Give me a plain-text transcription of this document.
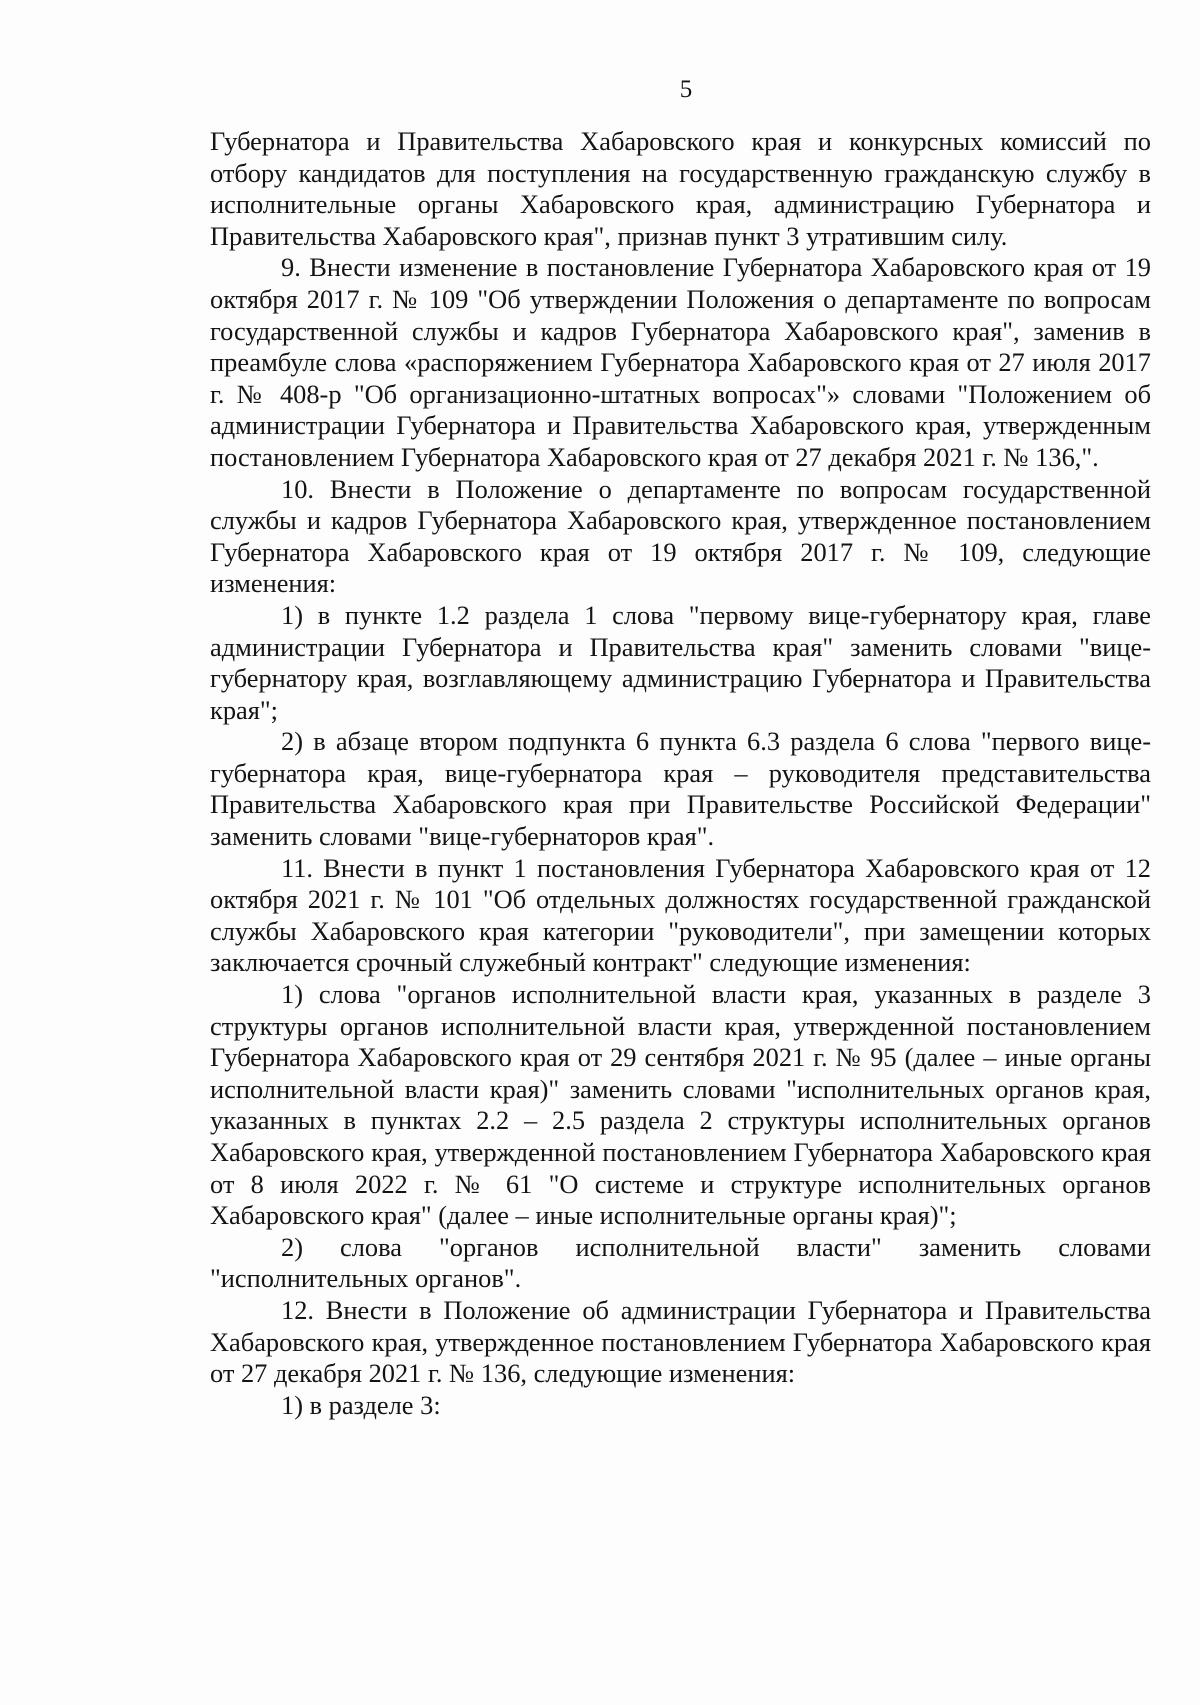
5

Губернатора и Правительства Хабаровского края и конкурсных комиссий по отбору кандидатов для поступления на государственную гражданскую службу в исполнительные органы Хабаровского края, администрацию Губернатора и Правительства Хабаровского края", признав пункт 3 утратившим силу.

9. Внести изменение в постановление Губернатора Хабаровского края от 19 октября 2017 г. № 109 "Об утверждении Положения о департаменте по вопросам государственной службы и кадров Губернатора Хабаровского края", заменив в преамбуле слова «распоряжением Губернатора Хабаровского края от 27 июля 2017 г. № 408-р "Об организационно-штатных вопросах"» словами "Положением об администрации Губернатора и Правительства Хабаровского края, утвержденным постановлением Губернатора Хабаровского края от 27 декабря 2021 г. № 136,".

10. Внести в Положение о департаменте по вопросам государственной службы и кадров Губернатора Хабаровского края, утвержденное постановлением Губернатора Хабаровского края от 19 октября 2017 г. № 109, следующие изменения:

1) в пункте 1.2 раздела 1 слова "первому вице-губернатору края, главе администрации Губернатора и Правительства края" заменить словами "вице-губернатору края, возглавляющему администрацию Губернатора и Правительства края";

2) в абзаце втором подпункта 6 пункта 6.3 раздела 6 слова "первого вице-губернатора края, вице-губернатора края – руководителя представительства Правительства Хабаровского края при Правительстве Российской Федерации" заменить словами "вице-губернаторов края".

11. Внести в пункт 1 постановления Губернатора Хабаровского края от 12 октября 2021 г. № 101 "Об отдельных должностях государственной гражданской службы Хабаровского края категории "руководители", при замещении которых заключается срочный служебный контракт" следующие изменения:

1) слова "органов исполнительной власти края, указанных в разделе 3 структуры органов исполнительной власти края, утвержденной постановлением Губернатора Хабаровского края от 29 сентября 2021 г. № 95 (далее – иные органы исполнительной власти края)" заменить словами "исполнительных органов края, указанных в пунктах 2.2 – 2.5 раздела 2 структуры исполнительных органов Хабаровского края, утвержденной постановлением Губернатора Хабаровского края от 8 июля 2022 г. № 61 "О системе и структуре исполнительных органов Хабаровского края" (далее – иные исполнительные органы края)";

2) слова "органов исполнительной власти" заменить словами "исполнительных органов".

12. Внести в Положение об администрации Губернатора и Правительства Хабаровского края, утвержденное постановлением Губернатора Хабаровского края от 27 декабря 2021 г. № 136, следующие изменения:

1) в разделе 3:
